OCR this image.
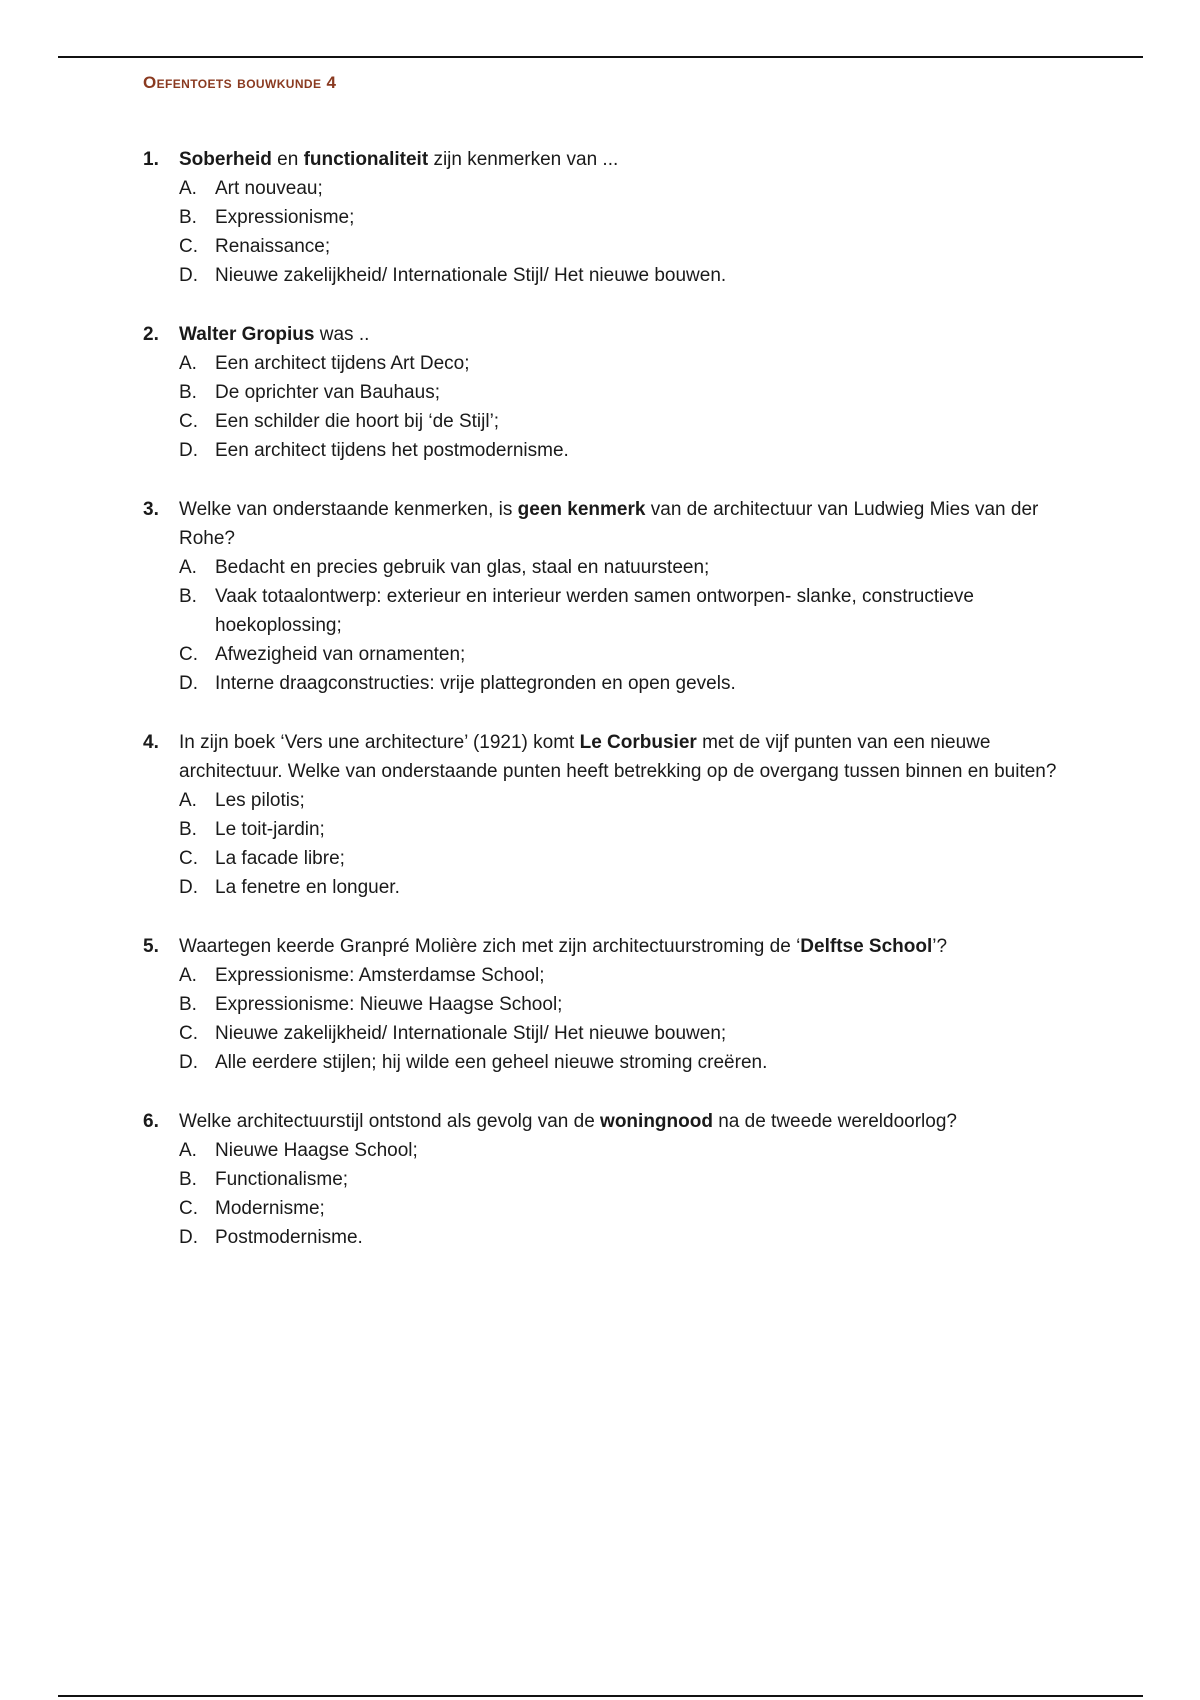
Oefentoets bouwkunde 4
1.	Soberheid en functionaliteit zijn kenmerken van ...
A. Art nouveau;
B. Expressionisme;
C. Renaissance;
D. Nieuwe zakelijkheid/ Internationale Stijl/ Het nieuwe bouwen.
2.	Walter Gropius was ..
A. Een architect tijdens Art Deco;
B. De oprichter van Bauhaus;
C. Een schilder die hoort bij ‘de Stijl’;
D. Een architect tijdens het postmodernisme.
3.	Welke van onderstaande kenmerken, is geen kenmerk van de architectuur van Ludwieg Mies van der Rohe?
A. Bedacht en precies gebruik van glas, staal en natuursteen;
B. Vaak totaalontwerp: exterieur en interieur werden samen ontworpen- slanke, constructieve hoekoplossing;
C. Afwezigheid van ornamenten;
D. Interne draagconstructies: vrije plattegronden en open gevels.
4.	In zijn boek ‘Vers une architecture’ (1921) komt Le Corbusier met de vijf punten van een nieuwe architectuur. Welke van onderstaande punten heeft betrekking op de overgang tussen binnen en buiten?
A. Les pilotis;
B. Le toit-jardin;
C. La facade libre;
D. La fenetre en longuer.
5.	Waartegen keerde Granpré Molière zich met zijn architectuurstroming de ‘Delftse School’?
A. Expressionisme: Amsterdamse School;
B. Expressionisme: Nieuwe Haagse School;
C. Nieuwe zakelijkheid/ Internationale Stijl/ Het nieuwe bouwen;
D. Alle eerdere stijlen; hij wilde een geheel nieuwe stroming creëren.
6.	Welke architectuurstijl ontstond als gevolg van de woningnood na de tweede wereldoorlog?
A. Nieuwe Haagse School;
B. Functionalisme;
C. Modernisme;
D. Postmodernisme.
